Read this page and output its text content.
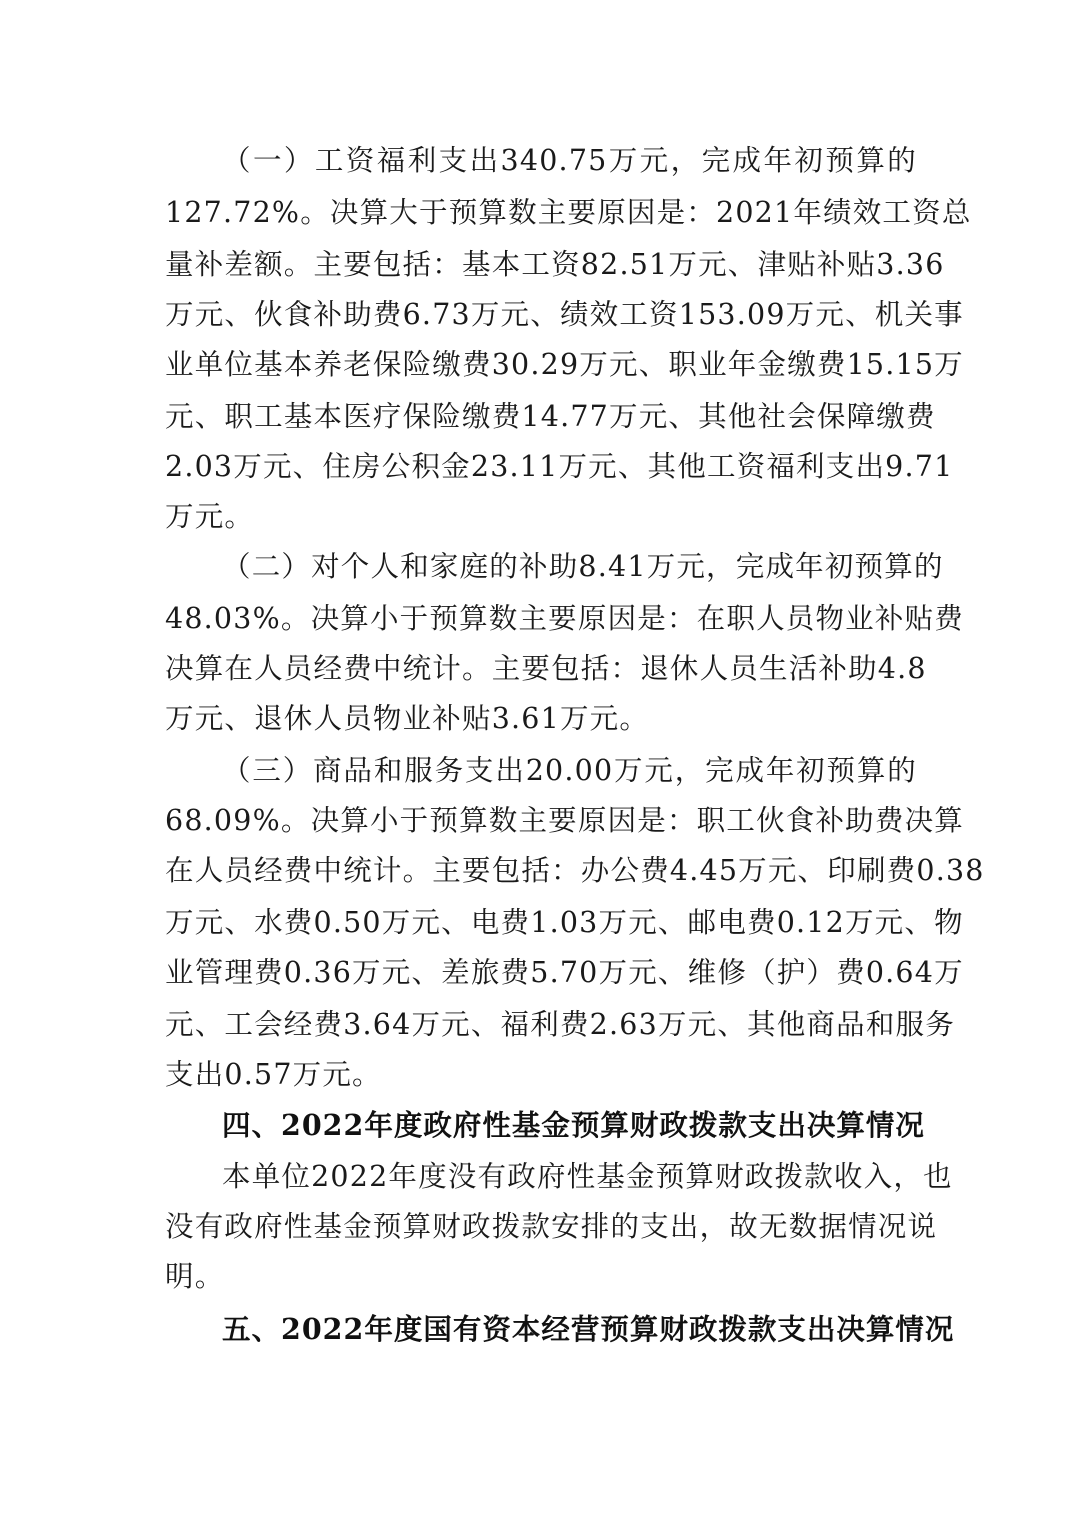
（一）工资福利支出340.75万元，完成年初预算的
127.72%。决算大于预算数主要原因是：2021年绩效工资总
量补差额。主要包括：基本工资82.51万元、津贴补贴3.36
万元、伙食补助费6.73万元、绩效工资153.09万元、机关事
业单位基本养老保险缴费30.29万元、职业年金缴费15.15万
元、职工基本医疗保险缴费14.77万元、其他社会保障缴费
2.03万元、住房公积金23.11万元、其他工资福利支出9.71
万元。
（二）对个人和家庭的补助8.41万元，完成年初预算的
48.03%。决算小于预算数主要原因是：在职人员物业补贴费
决算在人员经费中统计。主要包括：退休人员生活补助4.8
万元、退休人员物业补贴3.61万元。
（三）商品和服务支出20.00万元，完成年初预算的
68.09%。决算小于预算数主要原因是：职工伙食补助费决算
在人员经费中统计。主要包括：办公费4.45万元、印刷费0.38
万元、水费0.50万元、电费1.03万元、邮电费0.12万元、物
业管理费0.36万元、差旅费5.70万元、维修（护）费0.64万
元、工会经费3.64万元、福利费2.63万元、其他商品和服务
支出0.57万元。
四、2022年度政府性基金预算财政拨款支出决算情况
本单位2022年度没有政府性基金预算财政拨款收入，也
没有政府性基金预算财政拨款安排的支出，故无数据情况说
明。
五、2022年度国有资本经营预算财政拨款支出决算情况
